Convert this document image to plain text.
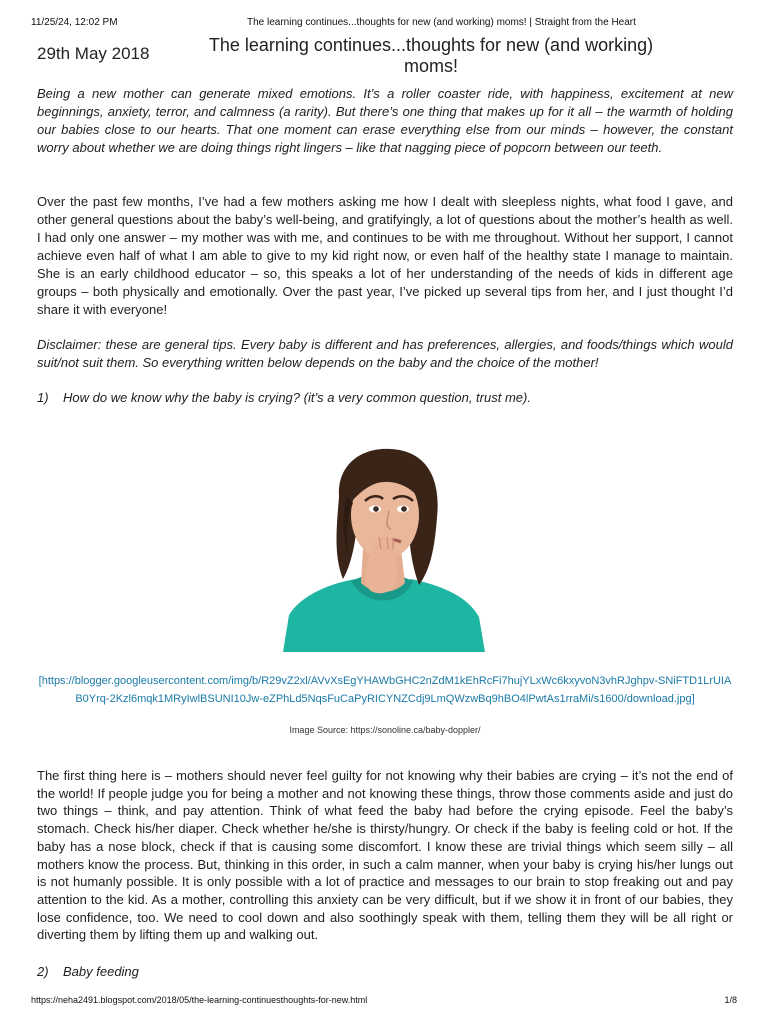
11/25/24, 12:02 PM	The learning continues...thoughts for new (and working) moms! | Straight from the Heart
29th May 2018	The learning continues...thoughts for new (and working) moms!

Being a new mother can generate mixed emotions. It’s a roller coaster ride, with happiness, excitement at new beginnings, anxiety, terror, and calmness (a rarity). But there’s one thing that makes up for it all – the warmth of holding our babies close to our hearts. That one moment can erase everything else from our minds – however, the constant worry about whether we are doing things right lingers – like that nagging piece of popcorn between our teeth.

Over the past few months, I’ve had a few mothers asking me how I dealt with sleepless nights, what food I gave, and other general questions about the baby’s well-being, and gratifyingly, a lot of questions about the mother’s health as well. I had only one answer – my mother was with me, and continues to be with me throughout. Without her support, I cannot achieve even half of what I am able to give to my kid right now, or even half of the healthy state I manage to maintain. She is an early childhood educator – so, this speaks a lot of her understanding of the needs of kids in different age groups – both physically and emotionally. Over the past year, I’ve picked up several tips from her, and I just thought I’d share it with everyone!

Disclaimer: these are general tips. Every baby is different and has preferences, allergies, and foods/things which would suit/not suit them. So everything written below depends on the baby and the choice of the mother!

1) How do we know why the baby is crying? (it’s a very common question, trust me).
[https://blogger.googleusercontent.com/img/b/R29vZ2xl/AVvXsEgYHAWbGHC2nZdM1kEhRcFi7hujYLxWc6kxyvoN3vhRJghpv-SNiFTD1LrUIAB0Yrq-2Kzl6mqk1MRyIwlBSUNI10Jw-eZPhLd5NqsFuCaPyRICYNZCdj9LmQWzwBq9hBO4lPwtAs1rraMi/s1600/download.jpg]
Image Source: https://sonoline.ca/baby-doppler/

The first thing here is – mothers should never feel guilty for not knowing why their babies are crying – it’s not the end of the world! If people judge you for being a mother and not knowing these things, throw those comments aside and just do two things – think, and pay attention. Think of what feed the baby had before the crying episode. Feel the baby’s stomach. Check his/her diaper. Check whether he/she is thirsty/hungry. Or check if the baby is feeling cold or hot. If the baby has a nose block, check if that is causing some discomfort. I know these are trivial things which seem silly – all mothers know the process. But, thinking in this order, in such a calm manner, when your baby is crying his/her lungs out is not humanly possible. It is only possible with a lot of practice and messages to our brain to stop freaking out and pay attention to the kid. As a mother, controlling this anxiety can be very difficult, but if we show it in front of our babies, they lose confidence, too. We need to cool down and also soothingly speak with them, telling them they will be all right or diverting them by lifting them up and walking out.

2) Baby feeding
https://neha2491.blogspot.com/2018/05/the-learning-continuesthoughts-for-new.html	1/8
